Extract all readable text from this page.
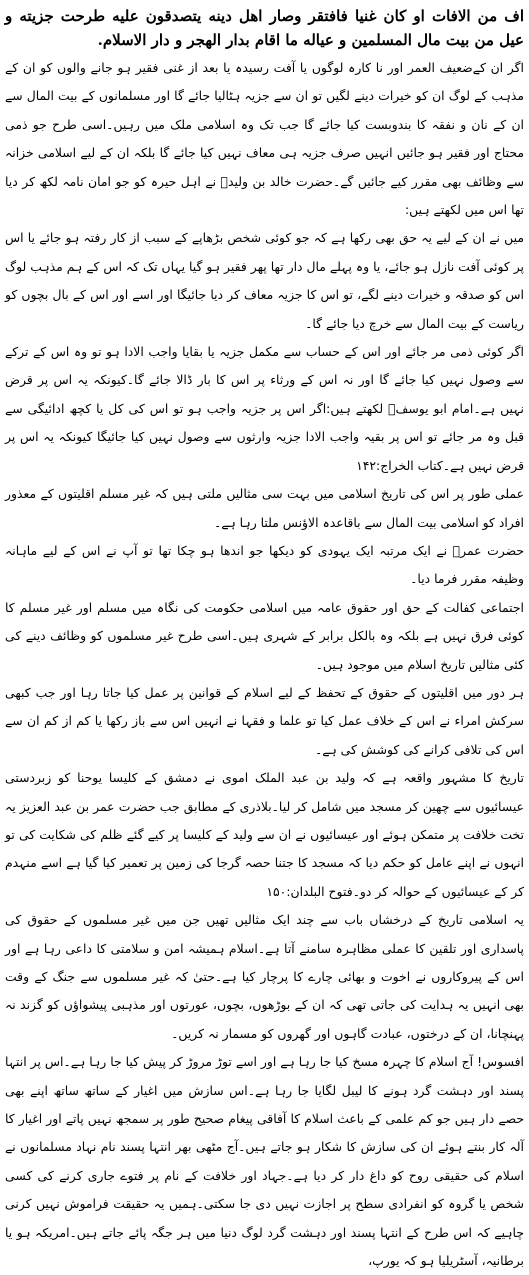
اف من الافات او کان غنیا فافتقر وصار اهل دینه یتصدقون علیه طرحت جزیته و عیل من بیت مال المسلمین و عیاله ما اقام بدار الهجر و دار الاسلام.

اگر ان کےضعیف العمر اور نا کارہ لوگوں یا آفت رسیدہ یا بعد از غنی فقیر ہو جانے والوں کو ان کے مذہب کے لوگ ان کو خیرات دینے لگیں تو ان سے جزیہ ہٹالیا جائے گا اور مسلمانوں کے بیت المال سے ان کے نان و نفقہ کا بندوبست کیا جائے گا جب تک وہ اسلامی ملک میں رہیں۔اسی طرح جو ذمی محتاج اور فقیر ہو جائیں انہیں صرف جزیہ ہی معاف نہیں کیا جائے گا بلکہ ان کے لیے اسلامی خزانہ سے وظائف بھی مقرر کیے جائیں گے۔حضرت خالد بن ولیدؓ نے اہل حیرہ کو جو امان نامہ لکھ کر دیا تھا اس میں لکھتے ہیں:

میں نے ان کے لیے یہ حق بھی رکھا ہے کہ جو کوئی شخص بڑھاپے کے سبب از کار رفتہ ہو جائے یا اس پر کوئی آفت نازل ہو جائے، یا وہ پہلے مال دار تھا پھر فقیر ہو گیا یہاں تک کہ اس کے ہم مذہب لوگ اس کو صدقہ و خیرات دینے لگے، تو اس کا جزیہ معاف کر دیا جائیگا اور اسے اور اس کے بال بچوں کو ریاست کے بیت المال سے خرچ دیا جائے گا۔

اگر کوئی ذمی مر جائے اور اس کے حساب سے مکمل جزیہ یا بقایا واجب الادا ہو تو وہ اس کے ترکے سے وصول نہیں کیا جائے گا اور نہ اس کے ورثاء پر اس کا بار ڈالا جائے گا۔کیونکہ یہ اس پر قرض نہیں ہے۔امام ابو یوسفؒ لکھتے ہیں:اگر اس پر جزیہ واجب ہو تو اس کی کل یا کچھ ادائیگی سے قبل وہ مر جائے تو اس پر بقیہ واجب الادا جزیہ وارثوں سے وصول نہیں کیا جائیگا کیونکہ یہ اس پر قرض نہیں ہے۔کتاب الخراج:۱۴۲

عملی طور پر اس کی تاریخ اسلامی میں بہت سی مثالیں ملتی ہیں کہ غیر مسلم اقلیتوں کے معذور افراد کو اسلامی بیت المال سے باقاعدہ الاؤنس ملتا رہا ہے۔

حضرت عمرؓ نے ایک مرتبہ ایک یہودی کو دیکھا جو اندھا ہو چکا تھا تو آپ نے اس کے لیے ماہانہ وظیفہ مقرر فرما دیا۔

اجتماعی کفالت کے حق اور حقوق عامہ میں اسلامی حکومت کی نگاہ میں مسلم اور غیر مسلم کا کوئی فرق نہیں ہے بلکہ وہ بالکل برابر کے شہری ہیں۔اسی طرح غیر مسلموں کو وظائف دینے کی کئی مثالیں تاریخ اسلام میں موجود ہیں۔

ہر دور میں اقلیتوں کے حقوق کے تحفظ کے لیے اسلام کے قوانین پر عمل کیا جاتا رہا اور جب کبھی سرکش امراء نے اس کے خلاف عمل کیا تو علما و فقہا نے انہیں اس سے باز رکھا یا کم از کم ان سے اس کی تلافی کرانے کی کوشش کی ہے۔

تاریخ کا مشہور واقعہ ہے کہ ولید بن عبد الملک اموی نے دمشق کے کلیسا یوحنا کو زبردستی عیسائیوں سے چھین کر مسجد میں شامل کر لیا۔بلاذری کے مطابق جب حضرت عمر بن عبد العزیز یہ تخت خلافت پر متمکن ہوئے اور عیسائیوں نے ان سے ولید کے کلیسا پر کیے گئے ظلم کی شکایت کی تو انہوں نے اپنے عامل کو حکم دیا کہ مسجد کا جتنا حصہ گرجا کی زمین پر تعمیر کیا گیا ہے اسے منہدم کر کے عیسائیوں کے حوالہ کر دو۔فتوح البلدان:۱۵۰

یہ اسلامی تاریخ کے درخشاں باب سے چند ایک مثالیں تھیں جن میں غیر مسلموں کے حقوق کی پاسداری اور تلقین کا عملی مظاہرہ سامنے آتا ہے۔اسلام ہمیشہ امن و سلامتی کا داعی رہا ہے اور اس کے پیروکاروں نے اخوت و بھائی چارے کا پرچار کیا ہے۔حتیٰ کہ غیر مسلموں سے جنگ کے وقت بھی انہیں یہ ہدایت کی جاتی تھی کہ ان کے بوڑھوں، بچوں، عورتوں اور مذہبی پیشواؤں کو گزند نہ پہنچانا، ان کے درختوں، عبادت گاہوں اور گھروں کو مسمار نہ کریں۔

افسوس! آج اسلام کا چہرہ مسخ کیا جا رہا ہے اور اسے توڑ مروڑ کر پیش کیا جا رہا ہے۔اس پر انتہا پسند اور دہشت گرد ہونے کا لیبل لگایا جا رہا ہے۔اس سازش میں اغیار کے ساتھ ساتھ اپنے بھی حصے دار ہیں جو کم علمی کے باعث اسلام کا آفاقی پیغام صحیح طور پر سمجھ نہیں پاتے اور اغیار کا آلہ کار بنتے ہوئے ان کی سازش کا شکار ہو جاتے ہیں۔آج مٹھی بھر انتہا پسند نام نہاد مسلمانوں نے اسلام کی حقیقی روح کو داغ دار کر دیا ہے۔جہاد اور خلافت کے نام پر فتوے جاری کرنے کی کسی شخص یا گروہ کو انفرادی سطح پر اجازت نہیں دی جا سکتی۔ہمیں یہ حقیقت فراموش نہیں کرنی چاہیے کہ اس طرح کے انتہا پسند اور دہشت گرد لوگ دنیا میں ہر جگہ پائے جاتے ہیں۔امریکہ ہو یا برطانیہ، آسٹریلیا ہو کہ یورپ،
